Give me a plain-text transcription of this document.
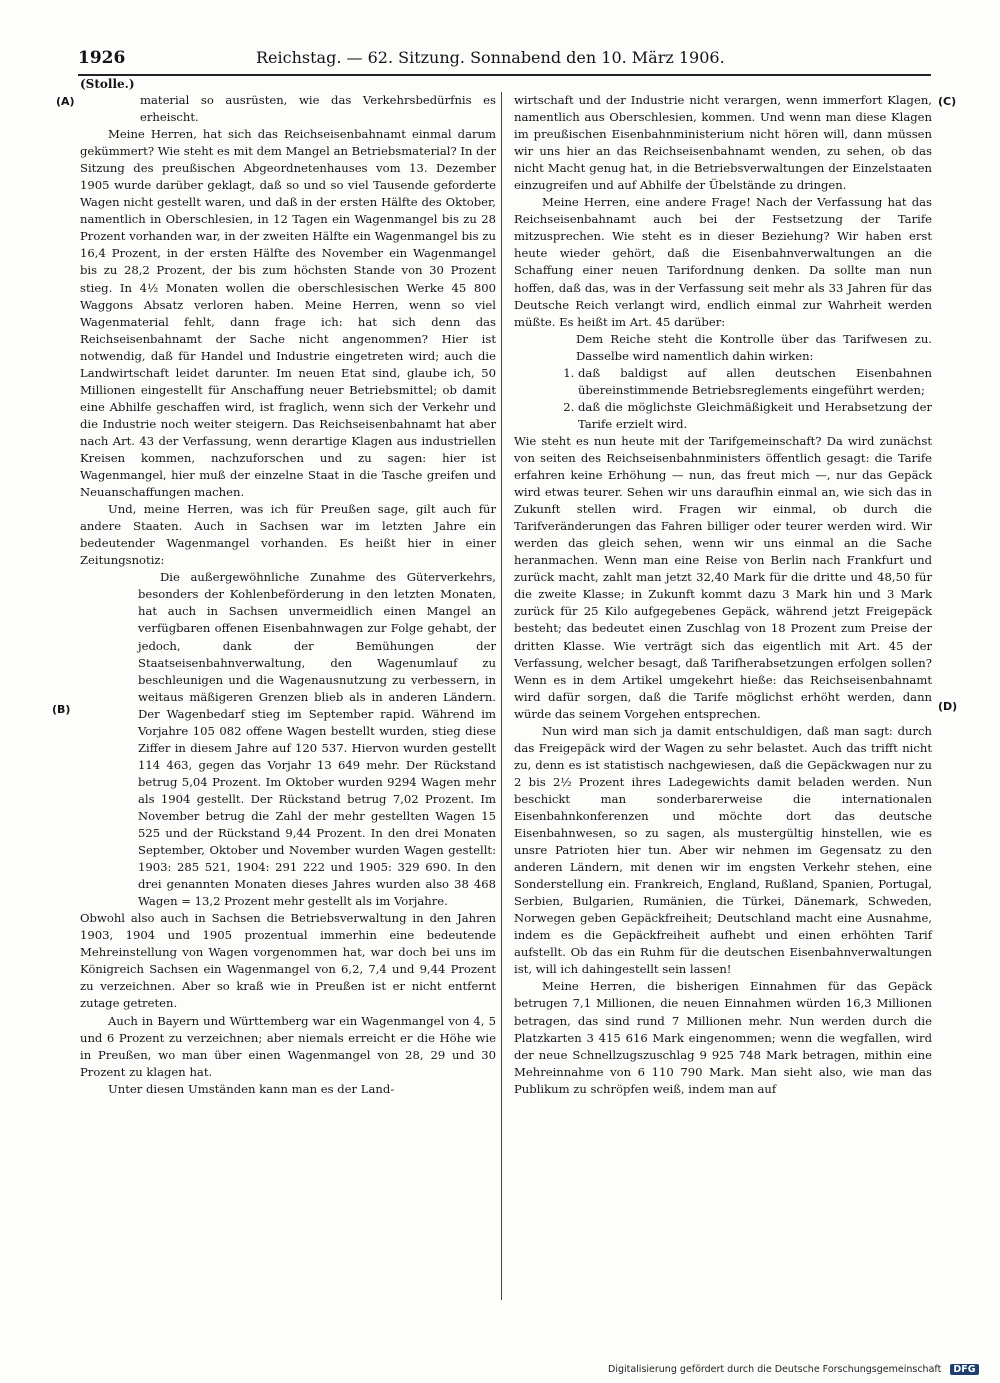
1926	Reichstag. — 62. Sitzung. Sonnabend den 10. März 1906.
(A)
(B)
(C)
(D)
(Stolle.)

material so ausrüsten, wie das Verkehrsbedürfnis es erheischt.

Meine Herren, hat sich das Reichseisenbahnamt einmal darum gekümmert? Wie steht es mit dem Mangel an Betriebsmaterial? In der Sitzung des preußischen Abgeordnetenhauses vom 13. Dezember 1905 wurde darüber geklagt, daß so und so viel Tausende geforderte Wagen nicht gestellt waren, und daß in der ersten Hälfte des Oktober, namentlich in Oberschlesien, in 12 Tagen ein Wagenmangel bis zu 28 Prozent vorhanden war, in der zweiten Hälfte ein Wagenmangel bis zu 16,4 Prozent, in der ersten Hälfte des November ein Wagenmangel bis zu 28,2 Prozent, der bis zum höchsten Stande von 30 Prozent stieg. In 4½ Monaten wollen die oberschlesischen Werke 45 800 Waggons Absatz verloren haben. Meine Herren, wenn so viel Wagenmaterial fehlt, dann frage ich: hat sich denn das Reichseisenbahnamt der Sache nicht angenommen? Hier ist notwendig, daß für Handel und Industrie eingetreten wird; auch die Landwirtschaft leidet darunter. Im neuen Etat sind, glaube ich, 50 Millionen eingestellt für Anschaffung neuer Betriebsmittel; ob damit eine Abhilfe geschaffen wird, ist fraglich, wenn sich der Verkehr und die Industrie noch weiter steigern. Das Reichseisenbahnamt hat aber nach Art. 43 der Verfassung, wenn derartige Klagen aus industriellen Kreisen kommen, nachzuforschen und zu sagen: hier ist Wagenmangel, hier muß der einzelne Staat in die Tasche greifen und Neuanschaffungen machen.

Und, meine Herren, was ich für Preußen sage, gilt auch für andere Staaten. Auch in Sachsen war im letzten Jahre ein bedeutender Wagenmangel vorhanden. Es heißt hier in einer Zeitungsnotiz:

Die außergewöhnliche Zunahme des Güterverkehrs, besonders der Kohlenbeförderung in den letzten Monaten, hat auch in Sachsen unvermeidlich einen Mangel an verfügbaren offenen Eisenbahnwagen zur Folge gehabt, der jedoch, dank der Bemühungen der Staatseisenbahnverwaltung, den Wagenumlauf zu beschleunigen und die Wagenausnutzung zu verbessern, in weitaus mäßigeren Grenzen blieb als in anderen Ländern. Der Wagenbedarf stieg im September rapid. Während im Vorjahre 105 082 offene Wagen bestellt wurden, stieg diese Ziffer in diesem Jahre auf 120 537. Hiervon wurden gestellt 114 463, gegen das Vorjahr 13 649 mehr. Der Rückstand betrug 5,04 Prozent. Im Oktober wurden 9294 Wagen mehr als 1904 gestellt. Der Rückstand betrug 7,02 Prozent. Im November betrug die Zahl der mehr gestellten Wagen 15 525 und der Rückstand 9,44 Prozent. In den drei Monaten September, Oktober und November wurden Wagen gestellt: 1903: 285 521, 1904: 291 222 und 1905: 329 690. In den drei genannten Monaten dieses Jahres wurden also 38 468 Wagen = 13,2 Prozent mehr gestellt als im Vorjahre.

Obwohl also auch in Sachsen die Betriebsverwaltung in den Jahren 1903, 1904 und 1905 prozentual immerhin eine bedeutende Mehreinstellung von Wagen vorgenommen hat, war doch bei uns im Königreich Sachsen ein Wagenmangel von 6,2, 7,4 und 9,44 Prozent zu verzeichnen. Aber so kraß wie in Preußen ist er nicht entfernt zutage getreten.

Auch in Bayern und Württemberg war ein Wagenmangel von 4, 5 und 6 Prozent zu verzeichnen; aber niemals erreicht er die Höhe wie in Preußen, wo man über einen Wagenmangel von 28, 29 und 30 Prozent zu klagen hat.

Unter diesen Umständen kann man es der Land-

wirtschaft und der Industrie nicht verargen, wenn immerfort Klagen, namentlich aus Oberschlesien, kommen. Und wenn man diese Klagen im preußischen Eisenbahnministerium nicht hören will, dann müssen wir uns hier an das Reichseisenbahnamt wenden, zu sehen, ob das nicht Macht genug hat, in die Betriebsverwaltungen der Einzelstaaten einzugreifen und auf Abhilfe der Übelstände zu dringen.

Meine Herren, eine andere Frage! Nach der Verfassung hat das Reichseisenbahnamt auch bei der Festsetzung der Tarife mitzusprechen. Wie steht es in dieser Beziehung? Wir haben erst heute wieder gehört, daß die Eisenbahnverwaltungen an die Schaffung einer neuen Tarifordnung denken. Da sollte man nun hoffen, daß das, was in der Verfassung seit mehr als 33 Jahren für das Deutsche Reich verlangt wird, endlich einmal zur Wahrheit werden müßte. Es heißt im Art. 45 darüber:

Dem Reiche steht die Kontrolle über das Tarifwesen zu. Dasselbe wird namentlich dahin wirken:

1. daß baldigst auf allen deutschen Eisenbahnen übereinstimmende Betriebsreglements eingeführt werden;
2. daß die möglichste Gleichmäßigkeit und Herabsetzung der Tarife erzielt wird.

Wie steht es nun heute mit der Tarifgemeinschaft? Da wird zunächst von seiten des Reichseisenbahnministers öffentlich gesagt: die Tarife erfahren keine Erhöhung — nun, das freut mich —, nur das Gepäck wird etwas teurer. Sehen wir uns daraufhin einmal an, wie sich das in Zukunft stellen wird. Fragen wir einmal, ob durch die Tarifveränderungen das Fahren billiger oder teurer werden wird. Wir werden das gleich sehen, wenn wir uns einmal an die Sache heranmachen. Wenn man eine Reise von Berlin nach Frankfurt und zurück macht, zahlt man jetzt 32,40 Mark für die dritte und 48,50 für die zweite Klasse; in Zukunft kommt dazu 3 Mark hin und 3 Mark zurück für 25 Kilo aufgegebenes Gepäck, während jetzt Freigepäck besteht; das bedeutet einen Zuschlag von 18 Prozent zum Preise der dritten Klasse. Wie verträgt sich das eigentlich mit Art. 45 der Verfassung, welcher besagt, daß Tarifherabsetzungen erfolgen sollen? Wenn es in dem Artikel umgekehrt hieße: das Reichseisenbahnamt wird dafür sorgen, daß die Tarife möglichst erhöht werden, dann würde das seinem Vorgehen entsprechen.

Nun wird man sich ja damit entschuldigen, daß man sagt: durch das Freigepäck wird der Wagen zu sehr belastet. Auch das trifft nicht zu, denn es ist statistisch nachgewiesen, daß die Gepäckwagen nur zu 2 bis 2½ Prozent ihres Ladegewichts damit beladen werden. Nun beschickt man sonderbarerweise die internationalen Eisenbahnkonferenzen und möchte dort das deutsche Eisenbahnwesen, so zu sagen, als mustergültig hinstellen, wie es unsre Patrioten hier tun. Aber wir nehmen im Gegensatz zu den anderen Ländern, mit denen wir im engsten Verkehr stehen, eine Sonderstellung ein. Frankreich, England, Rußland, Spanien, Portugal, Serbien, Bulgarien, Rumänien, die Türkei, Dänemark, Schweden, Norwegen geben Gepäckfreiheit; Deutschland macht eine Ausnahme, indem es die Gepäckfreiheit aufhebt und einen erhöhten Tarif aufstellt. Ob das ein Ruhm für die deutschen Eisenbahnverwaltungen ist, will ich dahingestellt sein lassen!

Meine Herren, die bisherigen Einnahmen für das Gepäck betrugen 7,1 Millionen, die neuen Einnahmen würden 16,3 Millionen betragen, das sind rund 7 Millionen mehr. Nun werden durch die Platzkarten 3 415 616 Mark eingenommen; wenn die wegfallen, wird der neue Schnellzugszuschlag 9 925 748 Mark betragen, mithin eine Mehreinnahme von 6 110 790 Mark. Man sieht also, wie man das Publikum zu schröpfen weiß, indem man auf

Digitalisierung gefördert durch die Deutsche Forschungsgemeinschaft DFG
